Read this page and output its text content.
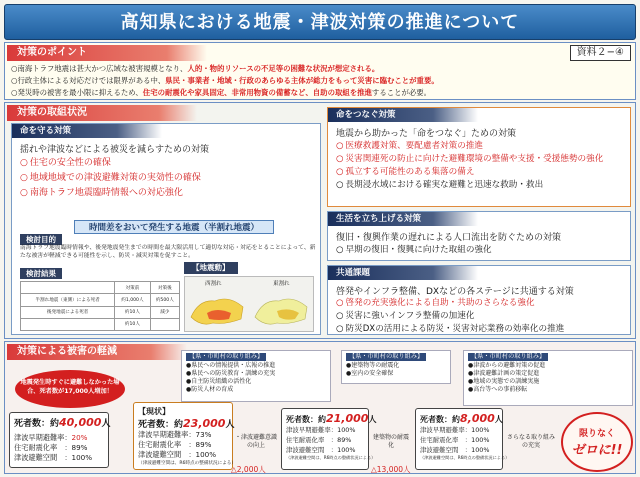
高知県における地震・津波対策の推進について
対策のポイント	資料２−④
○南海トラフ地震は甚大かつ広域な被害規模となり、人的・物的リソースの不足等の困難な状況が想定される。
○行政主体による対応だけでは限界がある中、県民・事業者・地域・行政のあらゆる主体が総力をもって災害に臨むことが重要。
○発災時の被害を最小限に抑えるため、住宅の耐震化や家具固定、非常用物資の備蓄など、自助の取組を推進することが必要。
対策の取組状況
命を守る対策
揺れや津波などによる被災を減らすための対策
○ 住宅の安全性の確保
○ 地域地域での津波避難対策の実効性の確保
○ 南海トラフ地震臨時情報への対応強化
時間差をおいて発生する地震（半割れ地震）
検討目的
南海トラフ地震臨時情報や、後発地震発生までの時間を最大限活用して適切な対応・対応をとることによって、新たな被害が軽減できる可能性を示し、防災・減災対策を促すこと。
検討結果
	対策前	対策後
半割れ地震（東側）による死者	約1,000人	約500人
後発地震による死者	約10人	減少
	約10人	
【地震動】
西割れ	東割れ
命をつなぐ対策
地震から助かった「命をつなぐ」ための対策
○ 医療救護対策、要配慮者対策の推進
○ 災害関連死の防止に向けた避難環境の整備や支援・受援態勢の強化
○ 孤立する可能性のある集落の備え
○ 長期浸水域における確実な避難と迅速な救助・救出
生活を立ち上げる対策
復旧・復興作業の遅れによる人口流出を防ぐための対策
○ 早期の復旧・復興に向けた取組の強化
共通課題
啓発やインフラ整備、DXなどの各ステージに共通する対策
○ 啓発の充実強化による自助・共助のさらなる強化
○ 災害に強いインフラ整備の加速化
○ 防災DXの活用による防災・災害対応業務の効率化の推進
対策による被害の軽減
地震発生時すぐに避難しなかった場合、死者数が17,000人増加！
死者数：約40,000人
津波早期避難率：20%
住宅耐震化率　：89%
津波避難空間　：100%
【現状】
死者数：約23,000人
津波早期避難率：73%
住宅耐震化率　：89%
津波避難空間　：100%
（津波避難空間は、R6時点の整備状況による）
【県・市町村の取り組み】
●県民への情報提供・広報の推進
●県民への防災教育・訓練の充実
●自主防災組織の活性化
●防災人材の育成
・津波避難意識の向上
死者数：約21,000人
津波早期避難率：100%
住宅耐震化率　：89%
津波避難空間　：100%
（津波避難空間は、R6時点の整備状況による）
【県・市町村の取り組み】
●建築物等の耐震化
●室内の安全確保
建築物の耐震化
死者数：約8,000人
津波早期避難率：100%
住宅耐震化率　：100%
津波避難空間　：100%
（津波避難空間は、R6時点の整備状況による）
【県・市町村の取り組み】
●津波からの避難対策の促進
●津波避難計画の策定促進
●地域の実態での訓練実施
●高台等への事前移転
さらなる取り組みの充実
△2,000人	△13,000人
限りなく
ゼロに!!
